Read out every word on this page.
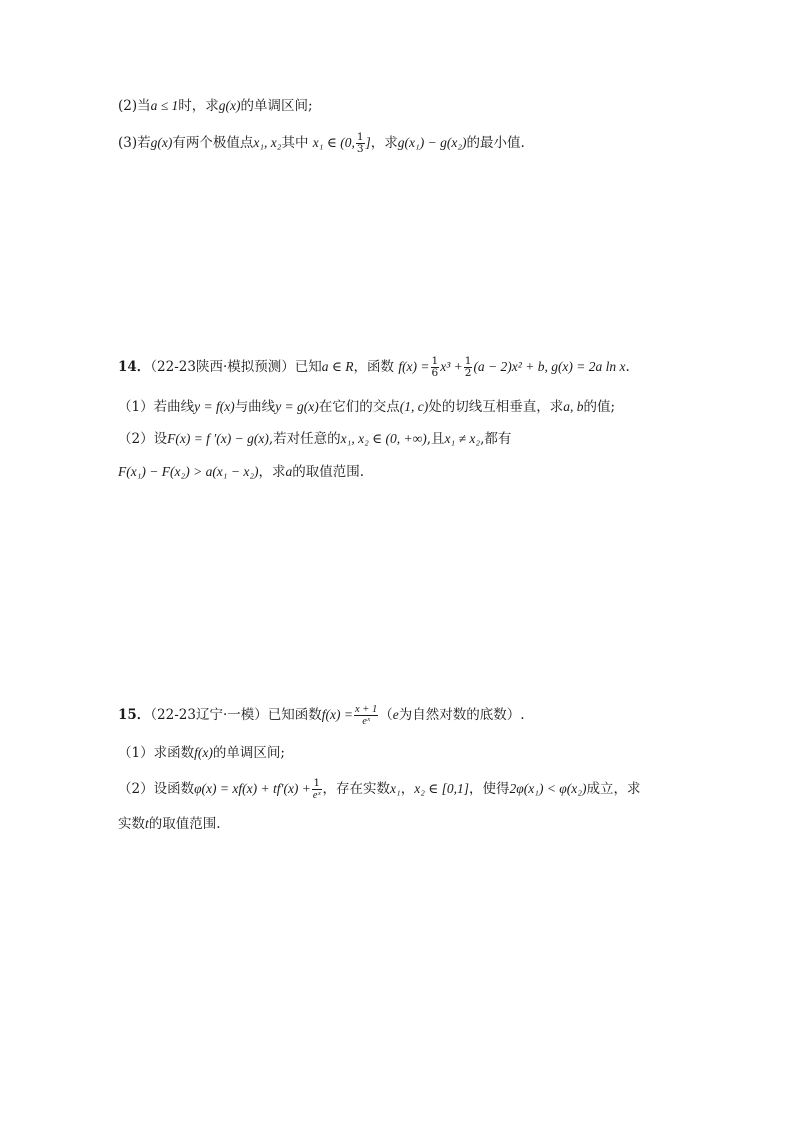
(2)当a ≤ 1时，求g(x)的单调区间;
(3)若g(x)有两个极值点x₁, x₂其中 x₁ ∈ (0, $\frac{1}{3}$ ]，求g(x₁) − g(x₂)的最小值.
14．（22-23陕西·模拟预测）已知a ∈ R，函数 $f(x) = \frac{1}{6} x^3 + \frac{1}{2} (a - 2)x^2 + b$, g(x) = 2a ln x.
（1）若曲线y = f(x)与曲线y = g(x)在它们的交点(1, c)处的切线互相垂直，求a, b的值;
（2）设F(x) = f ′(x) − g(x),若对任意的x₁, x₂ ∈ (0, +∞),且x₁ ≠ x₂,都有
F(x₁) − F(x₂) > a(x₁ − x₂)，求a的取值范围.
15．（22-23辽宁·一模）已知函数$f(x) = \frac{x + 1}{\text{eˣ}} (e$为自然对数的底数）.
（1）求函数f(x)的单调区间;
（2）设函数$\varphi(x) = xf(x) + tf'(x) + \frac{1}{\text{eˣ}}$ ，存在实数x₁，x₂ ∈ [0,1]，使得2φ(x₁) < φ(x₂)成立，求
实数t的取值范围.
